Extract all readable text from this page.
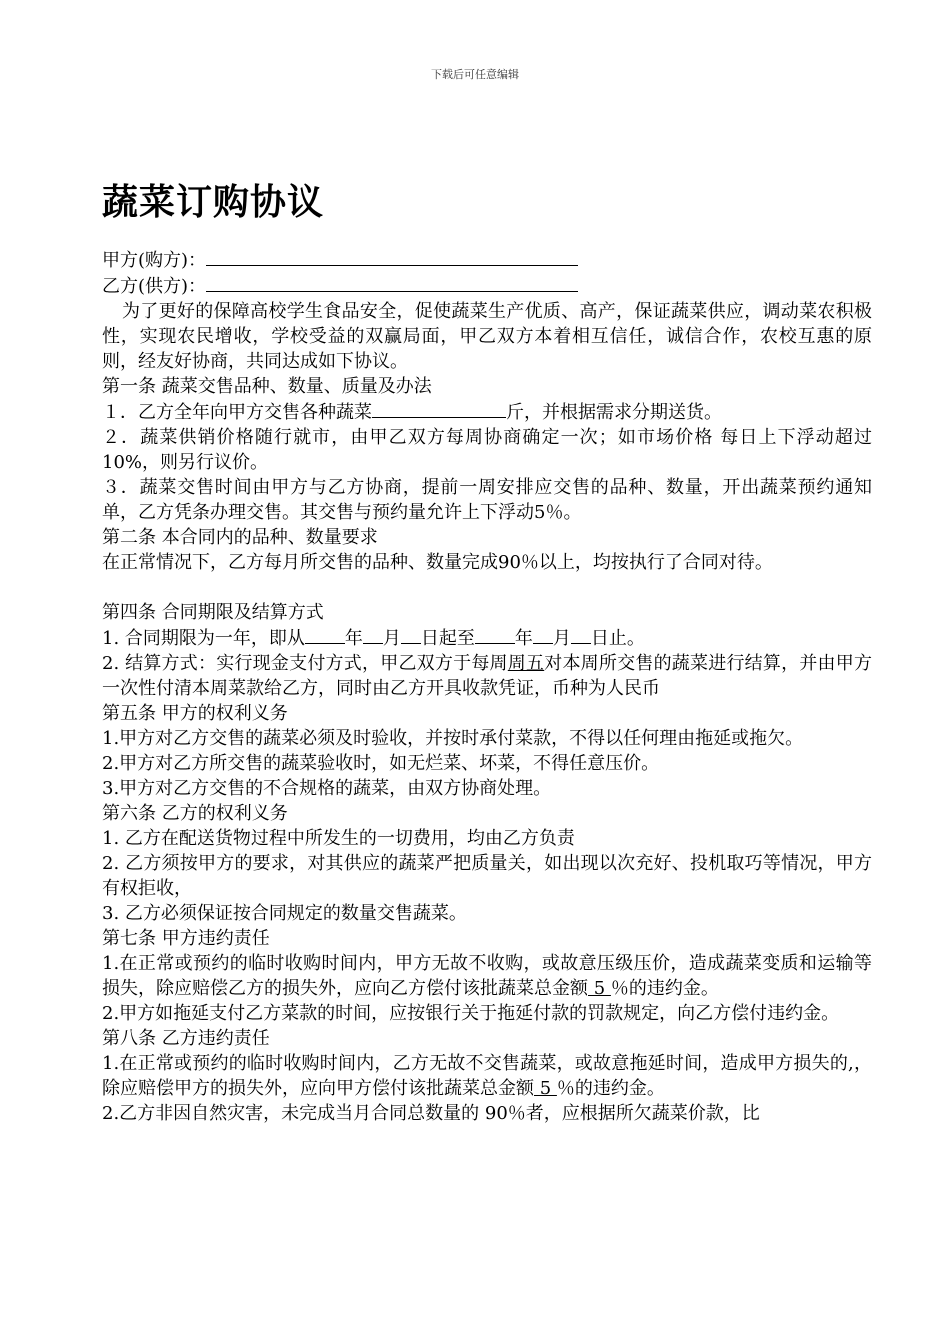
下载后可任意编辑
蔬菜订购协议

甲方(购方)：

乙方(供方)：

为了更好的保障高校学生食品安全，促使蔬菜生产优质、高产，保证蔬菜供应，调动菜农积极性，实现农民增收，学校受益的双赢局面，甲乙双方本着相互信任，诚信合作，农校互惠的原则，经友好协商，共同达成如下协议。

第一条 蔬菜交售品种、数量、质量及办法

１．乙方全年向甲方交售各种蔬菜	斤，并根据需求分期送货。

２．蔬菜供销价格随行就市，由甲乙双方每周协商确定一次；如市场价格 每日上下浮动超过10%，则另行议价。

３．蔬菜交售时间由甲方与乙方协商，提前一周安排应交售的品种、数量，开出蔬菜预约通知单，乙方凭条办理交售。其交售与预约量允许上下浮动5％。

第二条 本合同内的品种、数量要求

在正常情况下，乙方每月所交售的品种、数量完成90％以上，均按执行了合同对待。

第四条 合同期限及结算方式

1. 合同期限为一年，即从 年 月 日起至 年 月 日止。

2. 结算方式：实行现金支付方式，甲乙双方于每周周五对本周所交售的蔬菜进行结算，并由甲方一次性付清本周菜款给乙方，同时由乙方开具收款凭证，币种为人民币

第五条 甲方的权利义务

1.甲方对乙方交售的蔬菜必须及时验收，并按时承付菜款，不得以任何理由拖延或拖欠。

2.甲方对乙方所交售的蔬菜验收时，如无烂菜、坏菜，不得任意压价。

3.甲方对乙方交售的不合规格的蔬菜，由双方协商处理。

第六条 乙方的权利义务

1. 乙方在配送货物过程中所发生的一切费用，均由乙方负责

2. 乙方须按甲方的要求，对其供应的蔬菜严把质量关，如出现以次充好、投机取巧等情况，甲方有权拒收，

3. 乙方必须保证按合同规定的数量交售蔬菜。

第七条 甲方违约责任

1.在正常或预约的临时收购时间内，甲方无故不收购，或故意压级压价，造成蔬菜变质和运输等损失，除应赔偿乙方的损失外，应向乙方偿付该批蔬菜总金额 5 ％的违约金。

2.甲方如拖延支付乙方菜款的时间，应按银行关于拖延付款的罚款规定，向乙方偿付违约金。

第八条 乙方违约责任

1.在正常或预约的临时收购时间内，乙方无故不交售蔬菜，或故意拖延时间，造成甲方损失的,，除应赔偿甲方的损失外，应向甲方偿付该批蔬菜总金额 5 ％的违约金。

2.乙方非因自然灾害，未完成当月合同总数量的 90％者，应根据所欠蔬菜价款，比
